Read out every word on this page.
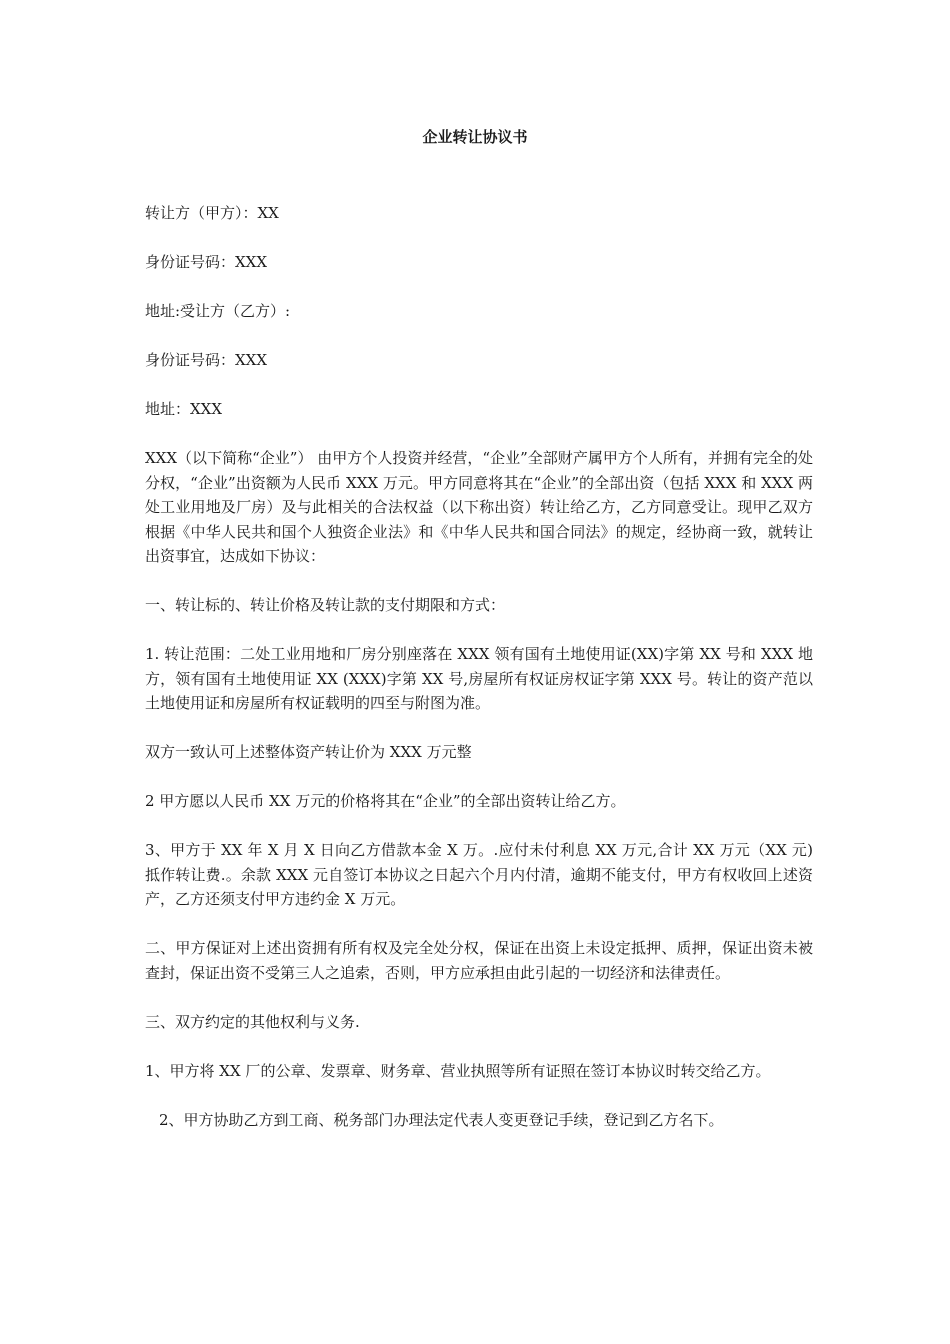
企业转让协议书

转让方（甲方）：XX

身份证号码：XXX

地址:受让方（乙方）:

身份证号码：XXX

地址：XXX

XXX（以下简称“企业”） 由甲方个人投资并经营，“企业”全部财产属甲方个人所有，并拥有完全的处分权，“企业”出资额为人民币 XXX 万元。甲方同意将其在“企业”的全部出资（包括 XXX 和 XXX 两处工业用地及厂房）及与此相关的合法权益（以下称出资）转让给乙方，乙方同意受让。现甲乙双方根据《中华人民共和国个人独资企业法》和《中华人民共和国合同法》的规定，经协商一致，就转让出资事宜，达成如下协议：

一、转让标的、转让价格及转让款的支付期限和方式：

1. 转让范围：二处工业用地和厂房分别座落在 XXX 领有国有土地使用证(XX)字第 XX 号和 XXX 地方，领有国有土地使用证 XX (XXX)字第 XX 号,房屋所有权证房权证字第 XXX 号。转让的资产范以土地使用证和房屋所有权证载明的四至与附图为准。

双方一致认可上述整体资产转让价为 XXX 万元整

2 甲方愿以人民币 XX 万元的价格将其在“企业”的全部出资转让给乙方。

3、甲方于 XX 年 X 月 X 日向乙方借款本金 X 万。.应付未付利息 XX 万元,合计 XX 万元（XX 元)抵作转让费.。余款 XXX 元自签订本协议之日起六个月内付清，逾期不能支付，甲方有权收回上述资产，乙方还须支付甲方违约金 X 万元。

二、甲方保证对上述出资拥有所有权及完全处分权，保证在出资上未设定抵押、质押，保证出资未被查封，保证出资不受第三人之追索，否则，甲方应承担由此引起的一切经济和法律责任。

三、双方约定的其他权利与义务.

1、甲方将 XX 厂的公章、发票章、财务章、营业执照等所有证照在签订本协议时转交给乙方。

2、甲方协助乙方到工商、税务部门办理法定代表人变更登记手续，登记到乙方名下。
